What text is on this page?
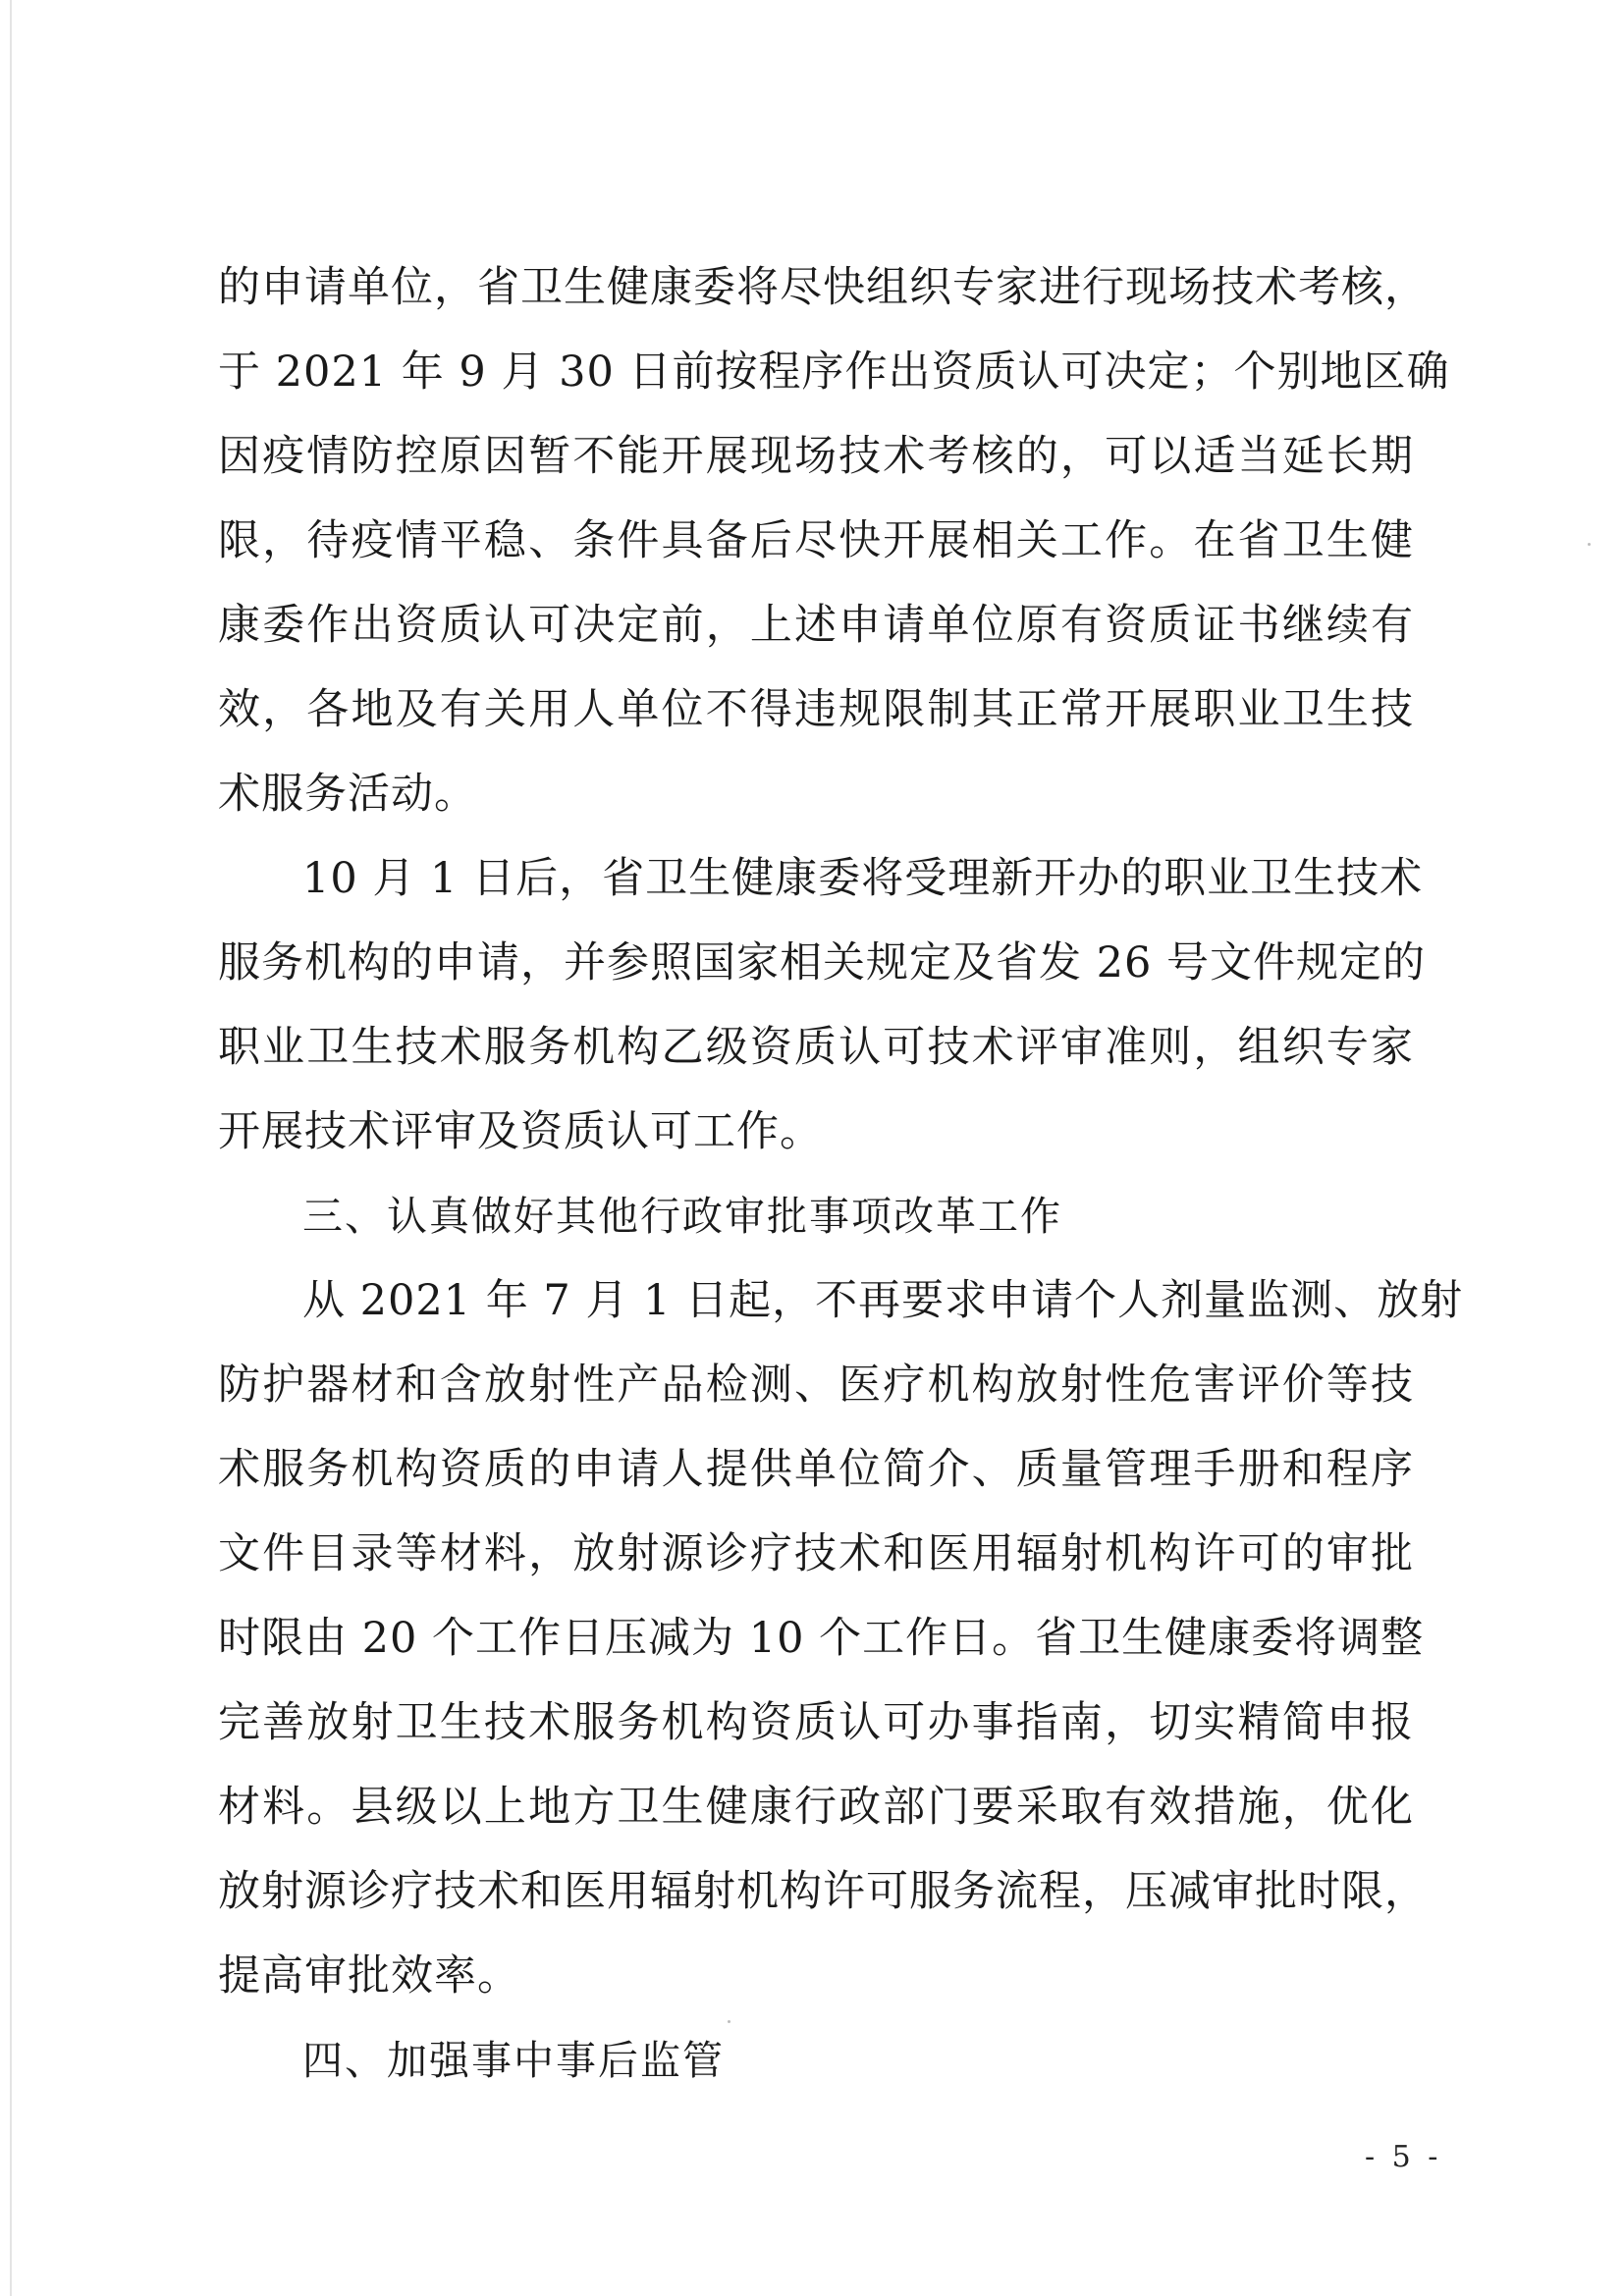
的申请单位，省卫生健康委将尽快组织专家进行现场技术考核，

于 2021 年 9 月 30 日前按程序作出资质认可决定；个别地区确

因疫情防控原因暂不能开展现场技术考核的，可以适当延长期

限，待疫情平稳、条件具备后尽快开展相关工作。在省卫生健

康委作出资质认可决定前，上述申请单位原有资质证书继续有

效，各地及有关用人单位不得违规限制其正常开展职业卫生技

术服务活动。

10 月 1 日后，省卫生健康委将受理新开办的职业卫生技术

服务机构的申请，并参照国家相关规定及省发 26 号文件规定的

职业卫生技术服务机构乙级资质认可技术评审准则，组织专家

开展技术评审及资质认可工作。

三、认真做好其他行政审批事项改革工作

从 2021 年 7 月 1 日起，不再要求申请个人剂量监测、放射

防护器材和含放射性产品检测、医疗机构放射性危害评价等技

术服务机构资质的申请人提供单位简介、质量管理手册和程序

文件目录等材料，放射源诊疗技术和医用辐射机构许可的审批

时限由 20 个工作日压减为 10 个工作日。省卫生健康委将调整

完善放射卫生技术服务机构资质认可办事指南，切实精简申报

材料。县级以上地方卫生健康行政部门要采取有效措施，优化

放射源诊疗技术和医用辐射机构许可服务流程，压减审批时限，

提高审批效率。

四、加强事中事后监管

- 5 -
